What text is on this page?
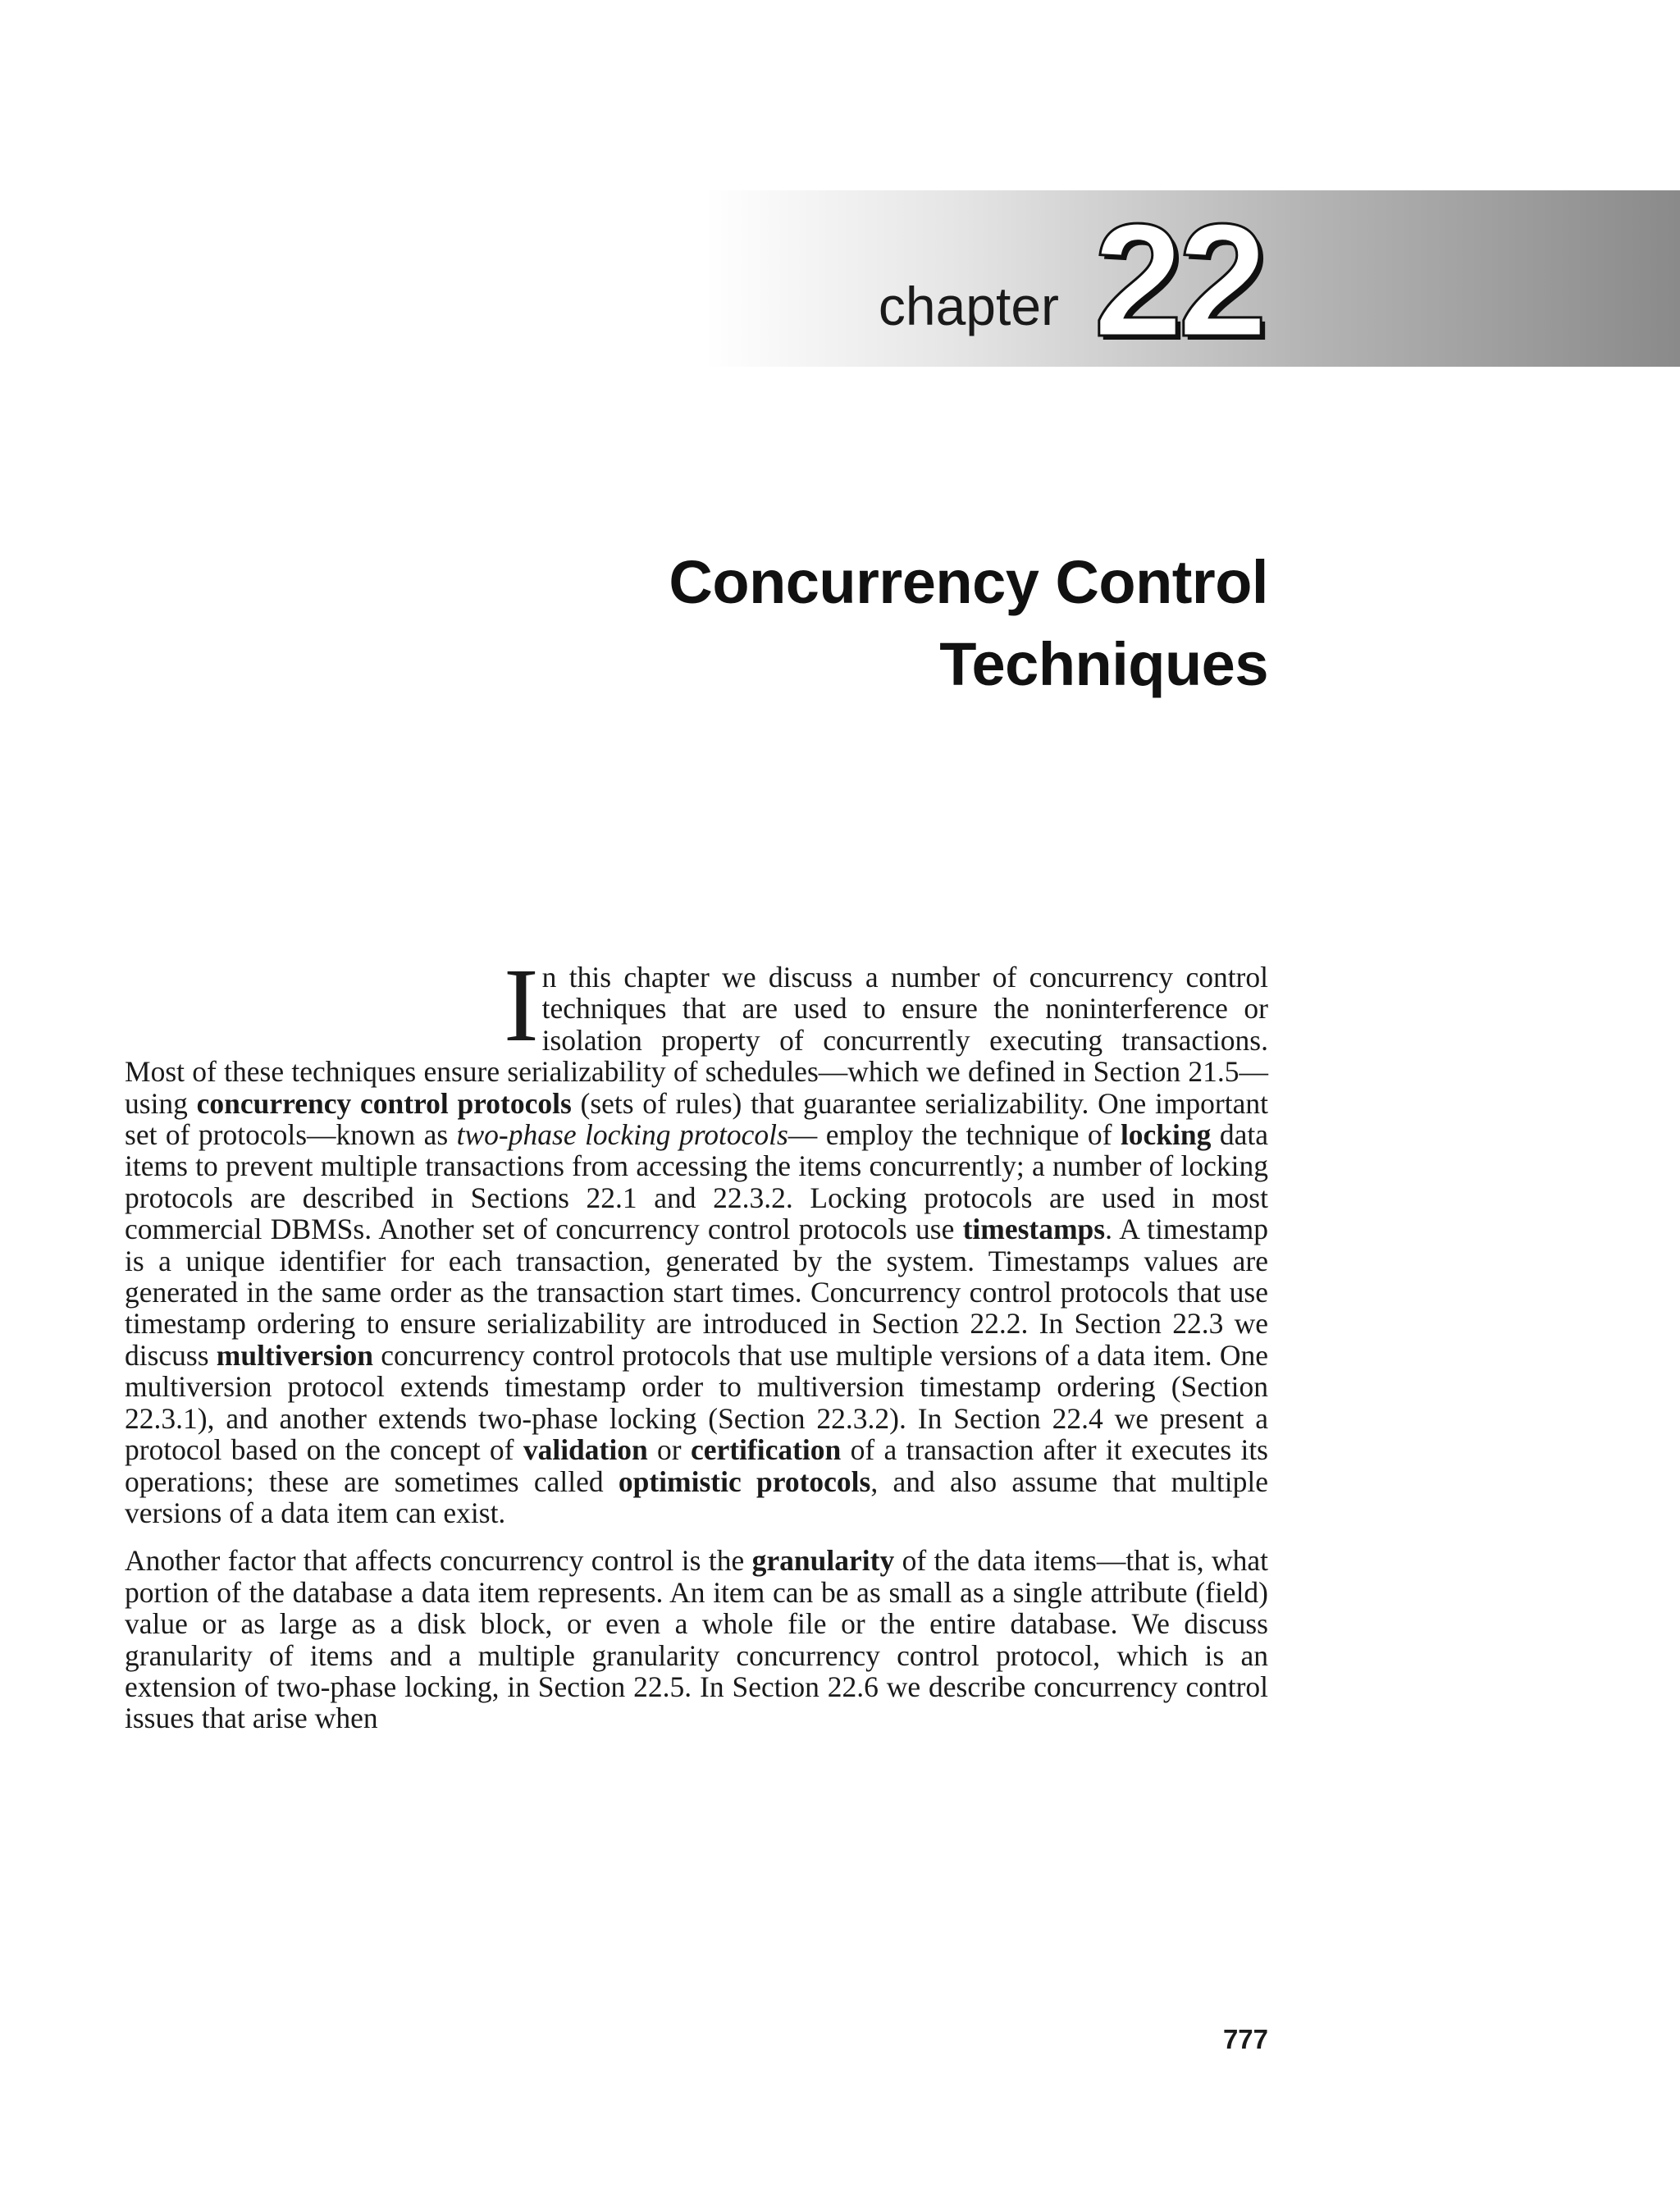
chapter 22
Concurrency Control
Techniques

In this chapter we discuss a number of concurrency control techniques that are used to ensure the noninterference or isolation property of concurrently executing transactions. Most of these techniques ensure serializability of schedules—which we defined in Section 21.5—using concurrency control protocols (sets of rules) that guarantee serializability. One important set of protocols—known as two-phase locking protocols— employ the technique of locking data items to prevent multiple transactions from accessing the items concurrently; a number of locking protocols are described in Sections 22.1 and 22.3.2. Locking protocols are used in most commercial DBMSs. Another set of concurrency control protocols use timestamps. A timestamp is a unique identifier for each transaction, generated by the system. Timestamps values are generated in the same order as the transaction start times. Concurrency control protocols that use timestamp ordering to ensure serializability are introduced in Section 22.2. In Section 22.3 we discuss multiversion concurrency control protocols that use multiple versions of a data item. One multiversion protocol extends timestamp order to multiversion timestamp ordering (Section 22.3.1), and another extends two-phase locking (Section 22.3.2). In Section 22.4 we present a protocol based on the concept of validation or certification of a transaction after it executes its operations; these are sometimes called optimistic protocols, and also assume that multiple versions of a data item can exist.

Another factor that affects concurrency control is the granularity of the data items—that is, what portion of the database a data item represents. An item can be as small as a single attribute (field) value or as large as a disk block, or even a whole file or the entire database. We discuss granularity of items and a multiple granularity concurrency control protocol, which is an extension of two-phase locking, in Section 22.5. In Section 22.6 we describe concurrency control issues that arise when

777
